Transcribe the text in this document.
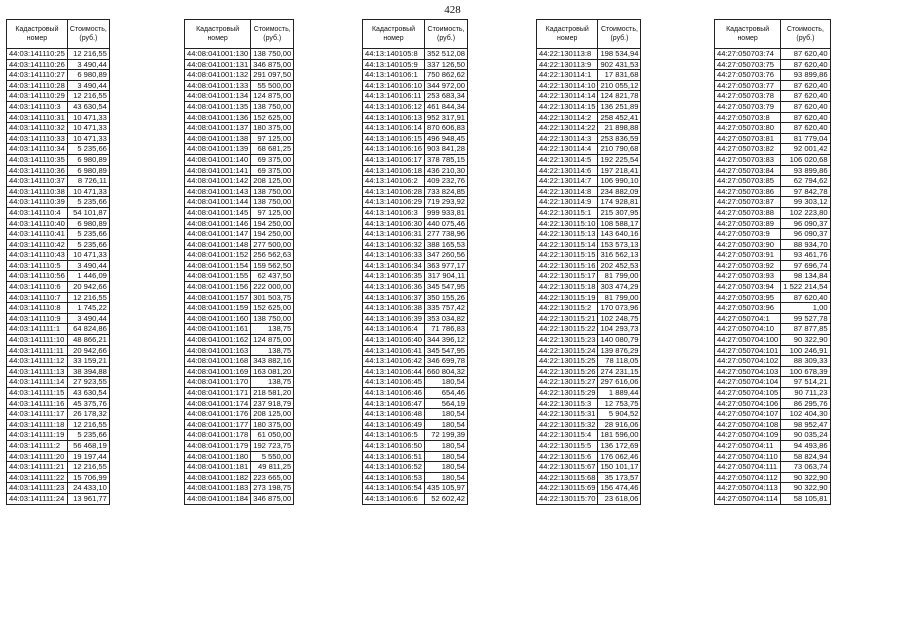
428
Кадастровый номер	Стоимость, (руб.)
44:03:141110:25	12 216,55
44:03:141110:26	3 490,44
44:03:141110:27	6 980,89
44:03:141110:28	3 490,44
44:03:141110:29	12 216,55
44:03:141110:3	43 630,54
44:03:141110:31	10 471,33
44:03:141110:32	10 471,33
44:03:141110:33	10 471,33
44:03:141110:34	5 235,66
44:03:141110:35	6 980,89
44:03:141110:36	6 980,89
44:03:141110:37	8 726,11
44:03:141110:38	10 471,33
44:03:141110:39	5 235,66
44:03:141110:4	54 101,87
44:03:141110:40	6 980,89
44:03:141110:41	5 235,66
44:03:141110:42	5 235,66
44:03:141110:43	10 471,33
44:03:141110:5	3 490,44
44:03:141110:56	1 446,09
44:03:141110:6	20 942,66
44:03:141110:7	12 216,55
44:03:141110:8	1 745,22
44:03:141110:9	3 490,44
44:03:141111:1	64 824,86
44:03:141111:10	48 866,21
44:03:141111:11	20 942,66
44:03:141111:12	33 159,21
44:03:141111:13	38 394,88
44:03:141111:14	27 923,55
44:03:141111:15	43 630,54
44:03:141111:16	45 375,76
44:03:141111:17	26 178,32
44:03:141111:18	12 216,55
44:03:141111:19	5 235,66
44:03:141111:2	56 468,19
44:03:141111:20	19 197,44
44:03:141111:21	12 216,55
44:03:141111:22	15 706,99
44:03:141111:23	24 433,10
44:03:141111:24	13 961,77
Кадастровый номер	Стоимость, (руб.)
44:08:041001:130	138 750,00
44:08:041001:131	346 875,00
44:08:041001:132	291 097,50
44:08:041001:133	55 500,00
44:08:041001:134	124 875,00
44:08:041001:135	138 750,00
44:08:041001:136	152 625,00
44:08:041001:137	180 375,00
44:08:041001:138	97 125,00
44:08:041001:139	68 681,25
44:08:041001:140	69 375,00
44:08:041001:141	69 375,00
44:08:041001:142	208 125,00
44:08:041001:143	138 750,00
44:08:041001:144	138 750,00
44:08:041001:145	97 125,00
44:08:041001:146	194 250,00
44:08:041001:147	194 250,00
44:08:041001:148	277 500,00
44:08:041001:152	256 562,63
44:08:041001:154	159 562,50
44:08:041001:155	62 437,50
44:08:041001:156	222 000,00
44:08:041001:157	301 503,75
44:08:041001:159	152 625,00
44:08:041001:160	138 750,00
44:08:041001:161	138,75
44:08:041001:162	124 875,00
44:08:041001:163	138,75
44:08:041001:168	343 882,16
44:08:041001:169	163 081,20
44:08:041001:170	138,75
44:08:041001:171	218 581,20
44:08:041001:174	237 918,79
44:08:041001:176	208 125,00
44:08:041001:177	180 375,00
44:08:041001:178	61 050,00
44:08:041001:179	192 723,75
44:08:041001:180	5 550,00
44:08:041001:181	49 811,25
44:08:041001:182	223 665,00
44:08:041001:183	273 198,75
44:08:041001:184	346 875,00
Кадастровый номер	Стоимость, (руб.)
44:13:140105:8	352 512,08
44:13:140105:9	337 126,50
44:13:140106:1	750 862,62
44:13:140106:10	344 972,00
44:13:140106:11	253 683,34
44:13:140106:12	461 844,34
44:13:140106:13	952 317,91
44:13:140106:14	870 606,83
44:13:140106:15	496 948,45
44:13:140106:16	903 841,28
44:13:140106:17	378 785,15
44:13:140106:18	436 210,30
44:13:140106:2	409 232,76
44:13:140106:28	733 824,85
44:13:140106:29	719 293,92
44:13:140106:3	999 933,81
44:13:140106:30	440 075,46
44:13:140106:31	277 738,96
44:13:140106:32	388 165,53
44:13:140106:33	347 260,56
44:13:140106:34	363 977,17
44:13:140106:35	317 904,11
44:13:140106:36	345 547,95
44:13:140106:37	350 155,26
44:13:140106:38	335 757,42
44:13:140106:39	353 034,82
44:13:140106:4	71 786,83
44:13:140106:40	344 396,12
44:13:140106:41	345 547,95
44:13:140106:42	346 699,78
44:13:140106:44	660 804,32
44:13:140106:45	180,54
44:13:140106:46	654,46
44:13:140106:47	564,19
44:13:140106:48	180,54
44:13:140106:49	180,54
44:13:140106:5	72 199,39
44:13:140106:50	180,54
44:13:140106:51	180,54
44:13:140106:52	180,54
44:13:140106:53	180,54
44:13:140106:54	435 105,97
44:13:140106:6	52 602,42
Кадастровый номер	Стоимость, (руб.)
44:22:130113:8	198 534,94
44:22:130113:9	902 431,53
44:22:130114:1	17 831,68
44:22:130114:10	210 055,12
44:22:130114:14	124 821,78
44:22:130114:15	136 251,89
44:22:130114:2	258 452,41
44:22:130114:22	21 898,88
44:22:130114:3	253 836,59
44:22:130114:4	210 790,68
44:22:130114:5	192 225,54
44:22:130114:6	197 218,41
44:22:130114:7	106 990,10
44:22:130114:8	234 882,09
44:22:130114:9	174 928,81
44:22:130115:1	215 307,95
44:22:130115:10	108 588,17
44:22:130115:13	143 640,16
44:22:130115:14	153 573,13
44:22:130115:15	316 562,13
44:22:130115:16	202 452,53
44:22:130115:17	81 799,00
44:22:130115:18	303 474,29
44:22:130115:19	81 799,00
44:22:130115:2	170 073,96
44:22:130115:21	102 248,75
44:22:130115:22	104 293,73
44:22:130115:23	140 080,79
44:22:130115:24	139 876,29
44:22:130115:25	78 118,05
44:22:130115:26	274 231,15
44:22:130115:27	297 616,06
44:22:130115:29	1 889,44
44:22:130115:3	12 753,75
44:22:130115:31	5 904,52
44:22:130115:32	28 916,06
44:22:130115:4	181 596,00
44:22:130115:5	136 172,69
44:22:130115:6	176 062,46
44:22:130115:67	150 101,17
44:22:130115:68	35 173,57
44:22:130115:69	156 474,46
44:22:130115:70	23 618,06
Кадастровый номер	Стоимость, (руб.)
44:27:050703:74	87 620,40
44:27:050703:75	87 620,40
44:27:050703:76	93 899,86
44:27:050703:77	87 620,40
44:27:050703:78	87 620,40
44:27:050703:79	87 620,40
44:27:050703:8	87 620,40
44:27:050703:80	87 620,40
44:27:050703:81	81 779,04
44:27:050703:82	92 001,42
44:27:050703:83	106 020,68
44:27:050703:84	93 899,86
44:27:050703:85	62 794,62
44:27:050703:86	97 842,78
44:27:050703:87	99 303,12
44:27:050703:88	102 223,80
44:27:050703:89	96 090,37
44:27:050703:9	96 090,37
44:27:050703:90	88 934,70
44:27:050703:91	93 461,76
44:27:050703:92	97 696,74
44:27:050703:93	98 134,84
44:27:050703:94	1 522 214,54
44:27:050703:95	87 620,40
44:27:050703:96	1,00
44:27:050704:1	99 527,78
44:27:050704:10	87 877,85
44:27:050704:100	90 322,90
44:27:050704:101	100 246,91
44:27:050704:102	88 309,33
44:27:050704:103	100 678,39
44:27:050704:104	97 514,21
44:27:050704:105	90 711,23
44:27:050704:106	86 295,76
44:27:050704:107	102 404,30
44:27:050704:108	98 952,47
44:27:050704:109	90 035,24
44:27:050704:11	94 493,86
44:27:050704:110	58 824,94
44:27:050704:111	73 063,74
44:27:050704:112	90 322,90
44:27:050704:113	90 322,90
44:27:050704:114	58 105,81
